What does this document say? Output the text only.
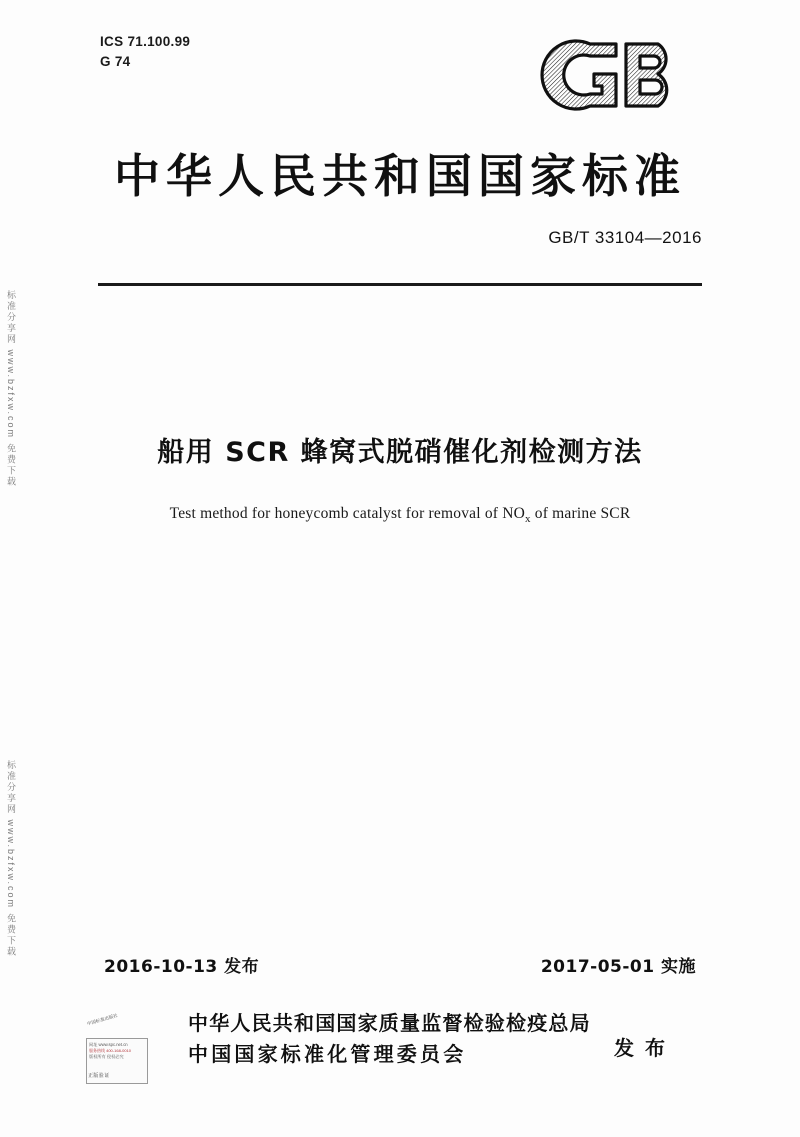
ICS 71.100.99
G 74
中华人民共和国国家标准
GB/T 33104—2016
标准分享网 www.bzfxw.com 免费下载
标准分享网 www.bzfxw.com 免费下载
船用 SCR 蜂窝式脱硝催化剂检测方法
Test method for honeycomb catalyst for removal of $NO_x$ of marine SCR
2016-10-13 发布	2017-05-01 实施
中华人民共和国国家质量监督检验检疫总局
中国国家标准化管理委员会	发 布
中国标准出版社
网址 www.spc.net.cn
服务热线 400-168-0010
版权所有 侵权必究
正版验证
